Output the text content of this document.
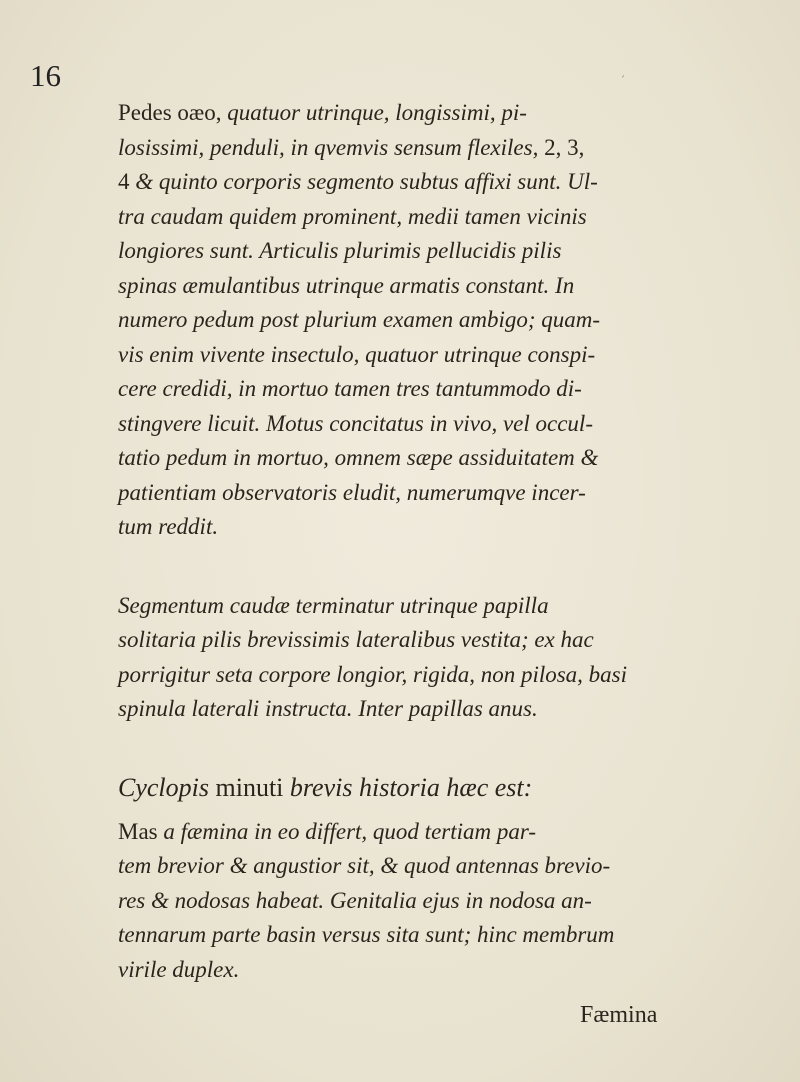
ˊ
16
Pedes oӕo, quatuor utrinque, longissimi, pi-
losissimi, penduli, in qvemvis sensum flexiles, 2, 3,
4 & quinto corporis segmento subtus affixi sunt. Ul-
tra caudam quidem prominent, medii tamen vicinis
longiores sunt. Articulis plurimis pellucidis pilis
spinas æmulantibus utrinque armatis constant. In
numero pedum post plurium examen ambigo; quam-
vis enim vivente insectulo, quatuor utrinque conspi-
cere credidi, in mortuo tamen tres tantummodo di-
stingvere licuit. Motus concitatus in vivo, vel occul-
tatio pedum in mortuo, omnem sæpe assiduitatem &
patientiam observatoris eludit, numerumqve incer-
tum reddit.
Segmentum caudæ terminatur utrinque papilla
solitaria pilis brevissimis lateralibus vestita; ex hac
porrigitur seta corpore longior, rigida, non pilosa, basi
spinula laterali instructa. Inter papillas anus.
Cyclopis minuti brevis historia hæc est:
Mas a fæmina in eo differt, quod tertiam par-
tem brevior & angustior sit, & quod antennas brevio-
res & nodosas habeat. Genitalia ejus in nodosa an-
tennarum parte basin versus sita sunt; hinc membrum
virile duplex.
Fæmina
